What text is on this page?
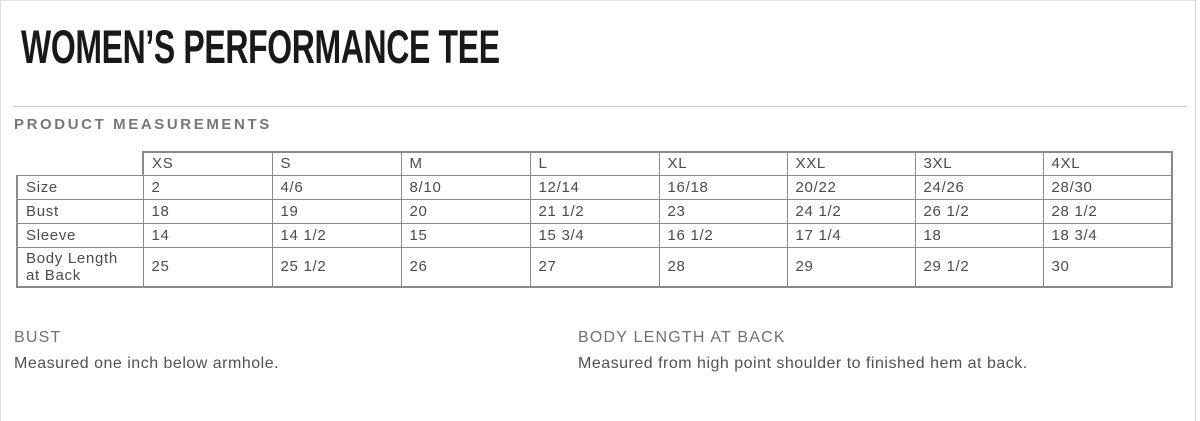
WOMEN’S PERFORMANCE TEE
PRODUCT MEASUREMENTS
	XS	S	M	L	XL	XXL	3XL	4XL
Size	2	4/6	8/10	12/14	16/18	20/22	24/26	28/30
Bust	18	19	20	21 1/2	23	24 1/2	26 1/2	28 1/2
Sleeve	14	14 1/2	15	15 3/4	16 1/2	17 1/4	18	18 3/4
Body Length at Back	25	25 1/2	26	27	28	29	29 1/2	30
BUST
Measured one inch below armhole.
BODY LENGTH AT BACK
Measured from high point shoulder to finished hem at back.
